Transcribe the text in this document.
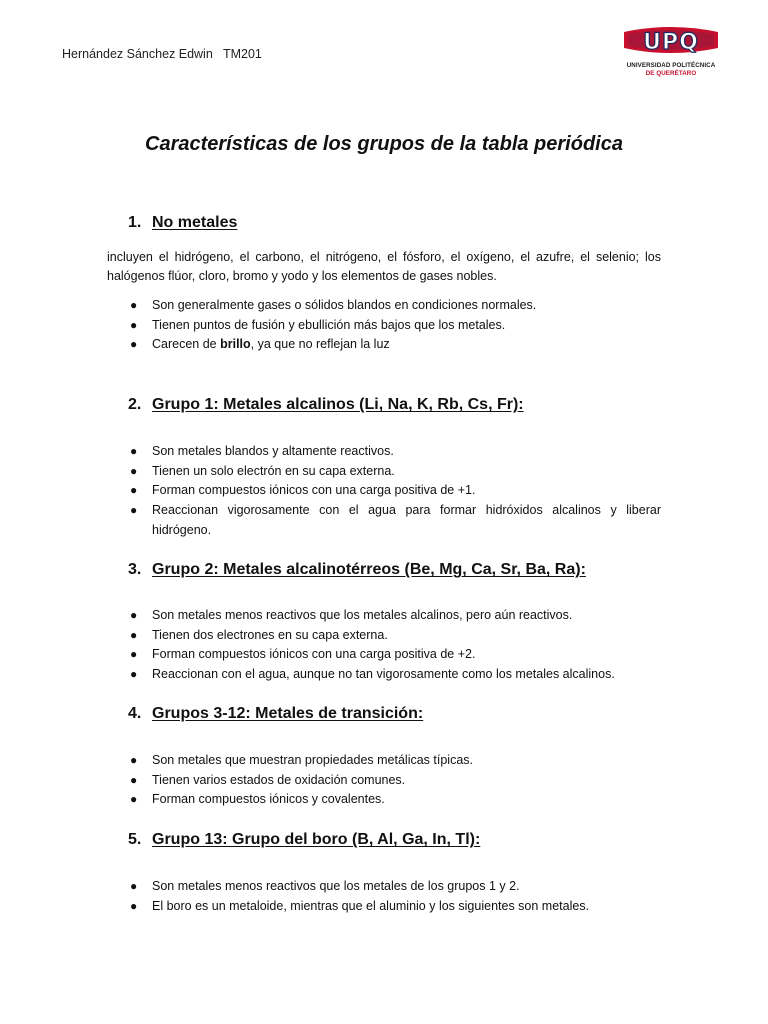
Hernández Sánchez Edwin   TM201	UPQ
UNIVERSIDAD POLITÉCNICA
DE QUERÉTARO
Características de los grupos de la tabla periódica
1. No metales

incluyen el hidrógeno, el carbono, el nitrógeno, el fósforo, el oxígeno, el azufre, el selenio; los halógenos flúor, cloro, bromo y yodo y los elementos de gases nobles.

● Son generalmente gases o sólidos blandos en condiciones normales.
● Tienen puntos de fusión y ebullición más bajos que los metales.
● Carecen de brillo, ya que no reflejan la luz
2. Grupo 1: Metales alcalinos (Li, Na, K, Rb, Cs, Fr):
● Son metales blandos y altamente reactivos.
● Tienen un solo electrón en su capa externa.
● Forman compuestos iónicos con una carga positiva de +1.
● Reaccionan vigorosamente con el agua para formar hidróxidos alcalinos y liberar hidrógeno.
3. Grupo 2: Metales alcalinotérreos (Be, Mg, Ca, Sr, Ba, Ra):
● Son metales menos reactivos que los metales alcalinos, pero aún reactivos.
● Tienen dos electrones en su capa externa.
● Forman compuestos iónicos con una carga positiva de +2.
● Reaccionan con el agua, aunque no tan vigorosamente como los metales alcalinos.
4. Grupos 3-12: Metales de transición:
● Son metales que muestran propiedades metálicas típicas.
● Tienen varios estados de oxidación comunes.
● Forman compuestos iónicos y covalentes.
5. Grupo 13: Grupo del boro (B, Al, Ga, In, Tl):
● Son metales menos reactivos que los metales de los grupos 1 y 2.
● El boro es un metaloide, mientras que el aluminio y los siguientes son metales.
